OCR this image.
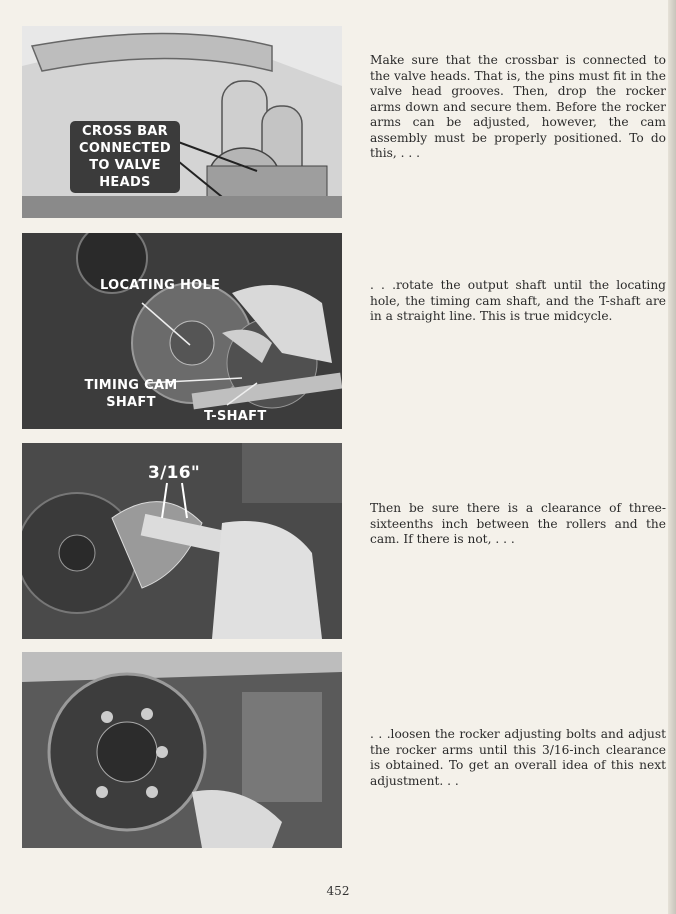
CROSS BAR CONNECTED TO VALVE HEADS
LOCATING HOLE
TIMING CAM SHAFT
T-SHAFT
3/16"
Make sure that the crossbar is connected to the valve heads. That is, the pins must fit in the valve head grooves. Then, drop the rocker arms down and secure them. Before the rocker arms can be adjusted, however, the cam assembly must be properly positioned. To do this, . . .
. . .rotate the output shaft until the locating hole, the timing cam shaft, and the T-shaft are in a straight line. This is true midcycle.
Then be sure there is a clearance of three-sixteenths inch between the rollers and the cam. If there is not, . . .
. . .loosen the rocker adjusting bolts and adjust the rocker arms until this 3/16-inch clearance is obtained. To get an overall idea of this next adjustment. . .
452
